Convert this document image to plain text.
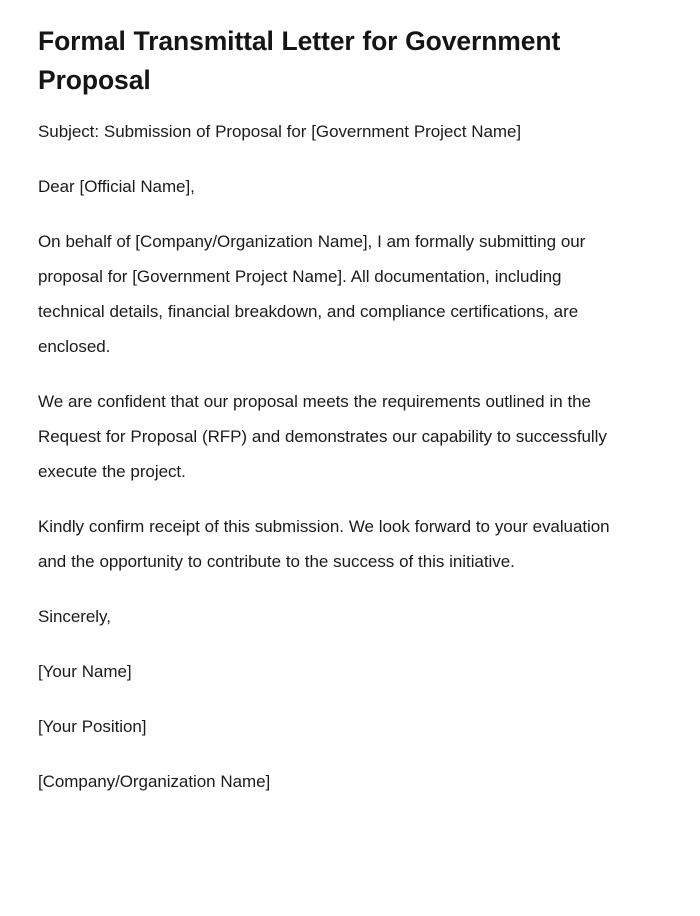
Formal Transmittal Letter for Government Proposal

Subject: Submission of Proposal for [Government Project Name]

Dear [Official Name],

On behalf of [Company/Organization Name], I am formally submitting our proposal for [Government Project Name]. All documentation, including technical details, financial breakdown, and compliance certifications, are enclosed.

We are confident that our proposal meets the requirements outlined in the Request for Proposal (RFP) and demonstrates our capability to successfully execute the project.

Kindly confirm receipt of this submission. We look forward to your evaluation and the opportunity to contribute to the success of this initiative.

Sincerely,

[Your Name]

[Your Position]

[Company/Organization Name]
